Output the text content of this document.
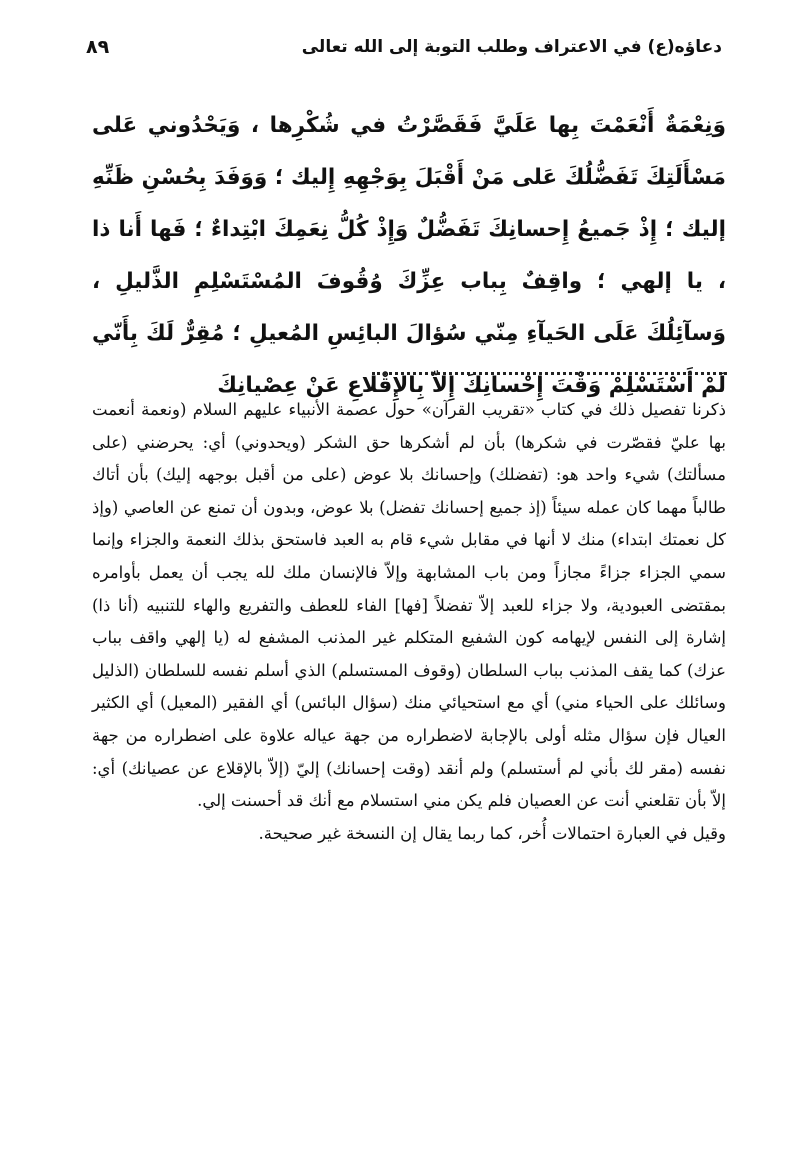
دعاؤه(ع) في الاعتراف وطلب التوبة إلى الله تعالى
٨٩

وَنِعْمَةٌ أَنْعَمْتَ بِها عَلَيَّ فَقَصَّرْتُ في شُكْرِها ، وَيَحْدُوني عَلى مَسْأَلَتِكَ تَفَضُّلُكَ عَلى مَنْ أَقْبَلَ بِوَجْهِهِ إِليك ؛ وَوَفَدَ بِحُسْنِ ظَنِّهِ إليك ؛ إِذْ جَميعُ إِحسانِكَ تَفَضُّلٌ وَإِذْ كُلُّ نِعَمِكَ ابْتِداءٌ ؛ فَها أَنا ذا ، يا إلهي ؛ واقِفٌ بِباب عِزِّكَ وُقُوفَ المُسْتَسْلِمِ الذَّليلِ ، وَسآئِلُكَ عَلَى الحَيآءِ مِنّي سُؤالَ البائِسِ المُعيلِ ؛ مُقِرٌّ لَكَ بِأَنّي لَمْ أَسْتَسْلِمْ وَقْتَ إِحْسانِكَ إِلاّ بِالإِقْلاعِ عَنْ عِصْيانِكَ

ذكرنا تفصيل ذلك في كتاب «تقريب القرآن» حول عصمة الأنبياء عليهم السلام (ونعمة أنعمت بها عليّ فقصّرت في شكرها) بأن لم أشكرها حق الشكر (ويحدوني) أي: يحرضني (على مسألتك) شيء واحد هو: (تفضلك) وإحسانك بلا عوض (على من أقبل بوجهه إليك) بأن أتاك طالباً مهما كان عمله سيئاً (إذ جميع إحسانك تفضل) بلا عوض، وبدون أن تمنع عن العاصي (وإذ كل نعمتك ابتداء) منك لا أنها في مقابل شيء قام به العبد فاستحق بذلك النعمة والجزاء وإنما سمي الجزاء جزاءً مجازاً ومن باب المشابهة وإلاّ فالإنسان ملك لله يجب أن يعمل بأوامره بمقتضى العبودية، ولا جزاء للعبد إلاّ تفضلاً [فها] الفاء للعطف والتفريع والهاء للتنبيه (أنا ذا) إشارة إلى النفس لإيهامه كون الشفيع المتكلم غير المذنب المشفع له (يا إلهي واقف بباب عزك) كما يقف المذنب بباب السلطان (وقوف المستسلم) الذي أسلم نفسه للسلطان (الذليل وسائلك على الحياء مني) أي مع استحيائي منك (سؤال البائس) أي الفقير (المعيل) أي الكثير العيال فإن سؤال مثله أولى بالإجابة لاضطراره من جهة عياله علاوة على اضطراره من جهة نفسه (مقر لك بأني لم أستسلم) ولم أنقد (وقت إحسانك) إليّ (إلاّ بالإقلاع عن عصيانك) أي: إلاّ بأن تقلعني أنت عن العصيان فلم يكن مني استسلام مع أنك قد أحسنت إلي.

وقيل في العبارة احتمالات أُخر، كما ربما يقال إن النسخة غير صحيحة.
